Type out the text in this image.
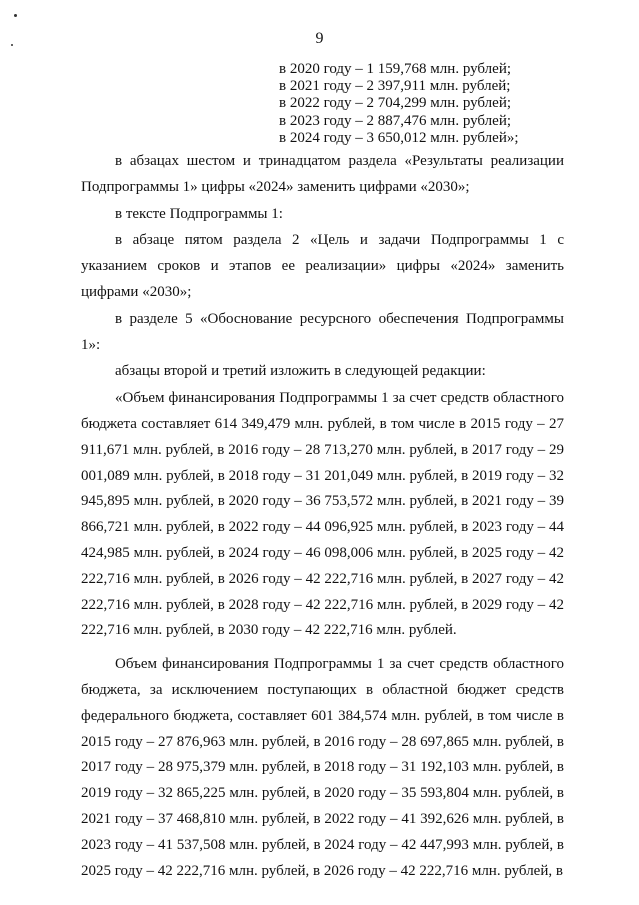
9
в 2020 году – 1 159,768 млн. рублей;
в 2021 году – 2 397,911 млн. рублей;
в 2022 году – 2 704,299 млн. рублей;
в 2023 году – 2 887,476 млн. рублей;
в 2024 году – 3 650,012 млн. рублей»;

в абзацах шестом и тринадцатом раздела «Результаты реализации Подпрограммы 1» цифры «2024» заменить цифрами «2030»;

в тексте Подпрограммы 1:

в абзаце пятом раздела 2 «Цель и задачи Подпрограммы 1 с указанием сроков и этапов ее реализации» цифры «2024» заменить цифрами «2030»;

в разделе 5 «Обоснование ресурсного обеспечения Подпрограммы 1»:

абзацы второй и третий изложить в следующей редакции:

«Объем финансирования Подпрограммы 1 за счет средств областного бюджета составляет 614 349,479 млн. рублей, в том числе в 2015 году – 27 911,671 млн. рублей, в 2016 году – 28 713,270 млн. рублей, в 2017 году – 29 001,089 млн. рублей, в 2018 году – 31 201,049 млн. рублей, в 2019 году – 32 945,895 млн. рублей, в 2020 году – 36 753,572 млн. рублей, в 2021 году – 39 866,721 млн. рублей, в 2022 году – 44 096,925 млн. рублей, в 2023 году – 44 424,985 млн. рублей, в 2024 году – 46 098,006 млн. рублей, в 2025 году – 42 222,716 млн. рублей, в 2026 году – 42 222,716 млн. рублей, в 2027 году – 42 222,716 млн. рублей, в 2028 году – 42 222,716 млн. рублей, в 2029 году – 42 222,716 млн. рублей, в 2030 году – 42 222,716 млн. рублей.

Объем финансирования Подпрограммы 1 за счет средств областного бюджета, за исключением поступающих в областной бюджет средств федерального бюджета, составляет 601 384,574 млн. рублей, в том числе в 2015 году – 27 876,963 млн. рублей, в 2016 году – 28 697,865 млн. рублей, в 2017 году – 28 975,379 млн. рублей, в 2018 году – 31 192,103 млн. рублей, в 2019 году – 32 865,225 млн. рублей, в 2020 году – 35 593,804 млн. рублей, в 2021 году – 37 468,810 млн. рублей, в 2022 году – 41 392,626 млн. рублей, в 2023 году – 41 537,508 млн. рублей, в 2024 году – 42 447,993 млн. рублей, в 2025 году – 42 222,716 млн. рублей, в 2026 году – 42 222,716 млн. рублей, в
